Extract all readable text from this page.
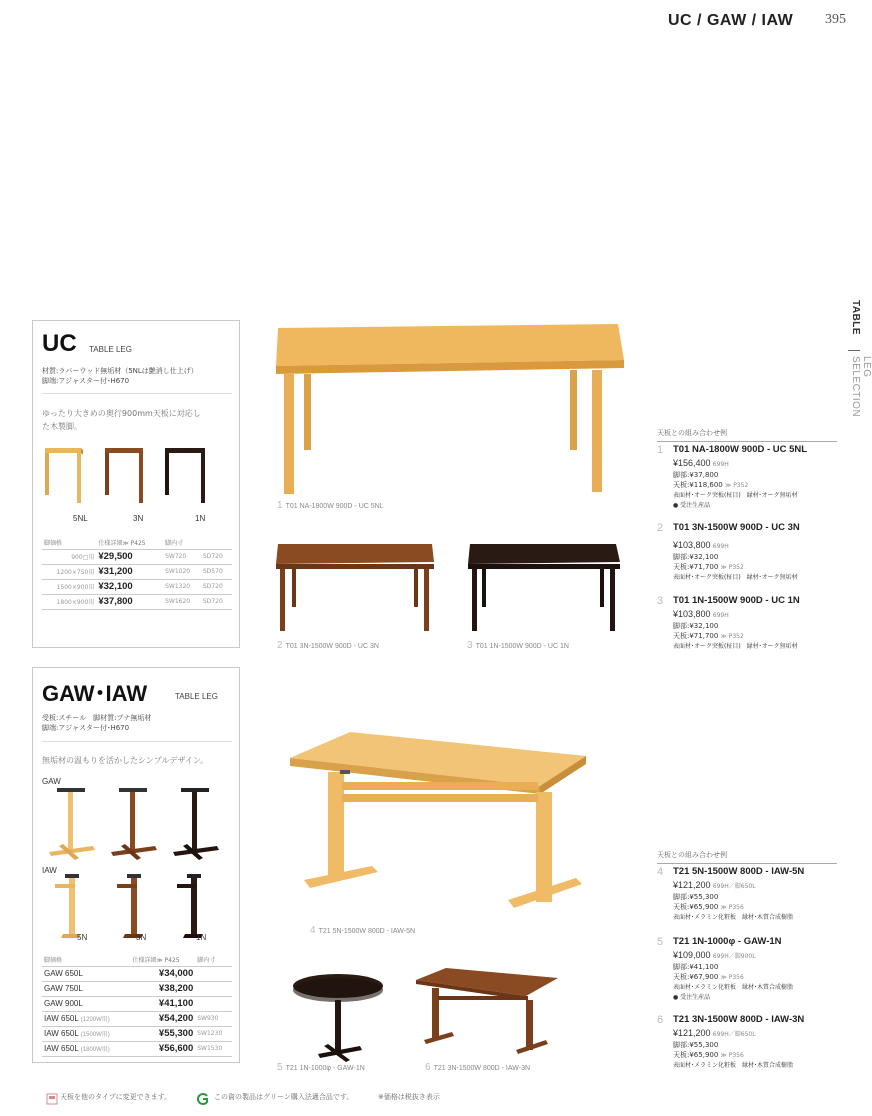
UC / GAW / IAW 395
TABLE
LEG SELECTION
UC TABLE LEG
材質:ラバーウッド無垢材（5NLは艶消し仕上げ）
脚端:アジャスター付･H670
ゆったり大きめの奥行900mm天板に対応し
た木製脚。
5NL	3N	1N
脚価格	仕様詳細≫ P425	脚内寸	
900□用	¥29,500	SW720	SD720
1200×750用	¥31,200	SW1020	SD570
1500×900用	¥32,100	SW1320	SD720
1800×900用	¥37,800	SW1620	SD720
GAW･IAW	TABLE LEG
受板:スチール　脚材質:ブナ無垢材
脚端:アジャスター付･H670
無垢材の温もりを活かしたシンプルデザイン。
GAW
IAW
5N	3N	1N
脚価格	仕様詳細≫ P425	脚内寸
GAW 650L	¥34,000	
GAW 750L	¥38,200	
GAW 900L	¥41,100	
IAW 650L (1200W用)	¥54,200	SW930
IAW 650L (1500W用)	¥55,300	SW1230
IAW 650L (1800W用)	¥56,600	SW1530
1 T01 NA-1800W 900D - UC 5NL
2 T01 3N-1500W 900D - UC 3N	3 T01 1N-1500W 900D - UC 1N
4 T21 5N-1500W 800D - IAW-5N
5 T21 1N-1000φ - GAW-1N	6 T21 3N-1500W 800D - IAW-3N
天板との組み合わせ例
1 T01 NA-1800W 900D - UC 5NL
¥156,400 699H
脚部:¥37,800
天板:¥118,600 ≫ P352
表面材･オーク突板(柾目)　縁材･オーク無垢材
● 受注生産品
2 T01 3N-1500W 900D - UC 3N
¥103,800 699H
脚部:¥32,100
天板:¥71,700 ≫ P352
表面材･オーク突板(柾目)　縁材･オーク無垢材
3 T01 1N-1500W 900D - UC 1N
¥103,800 699H
脚部:¥32,100
天板:¥71,700 ≫ P352
表面材･オーク突板(柾目)　縁材･オーク無垢材
天板との組み合わせ例
4 T21 5N-1500W 800D - IAW-5N
¥121,200 699H／脚650L
脚部:¥55,300
天板:¥65,900 ≫ P356
表面材･メラミン化粧板　縁材･木質合成樹脂
5 T21 1N-1000φ - GAW-1N
¥109,000 699H／脚900L
脚部:¥41,100
天板:¥67,900 ≫ P356
表面材･メラミン化粧板　縁材･木質合成樹脂
● 受注生産品
6 T21 3N-1500W 800D - IAW-3N
¥121,200 699H／脚650L
脚部:¥55,300
天板:¥65,900 ≫ P356
表面材･メラミン化粧板　縁材･木質合成樹脂
天板を他のタイプに変更できます。	この資の製品はグリーン購入法適合品です。	※価格は税抜き表示
